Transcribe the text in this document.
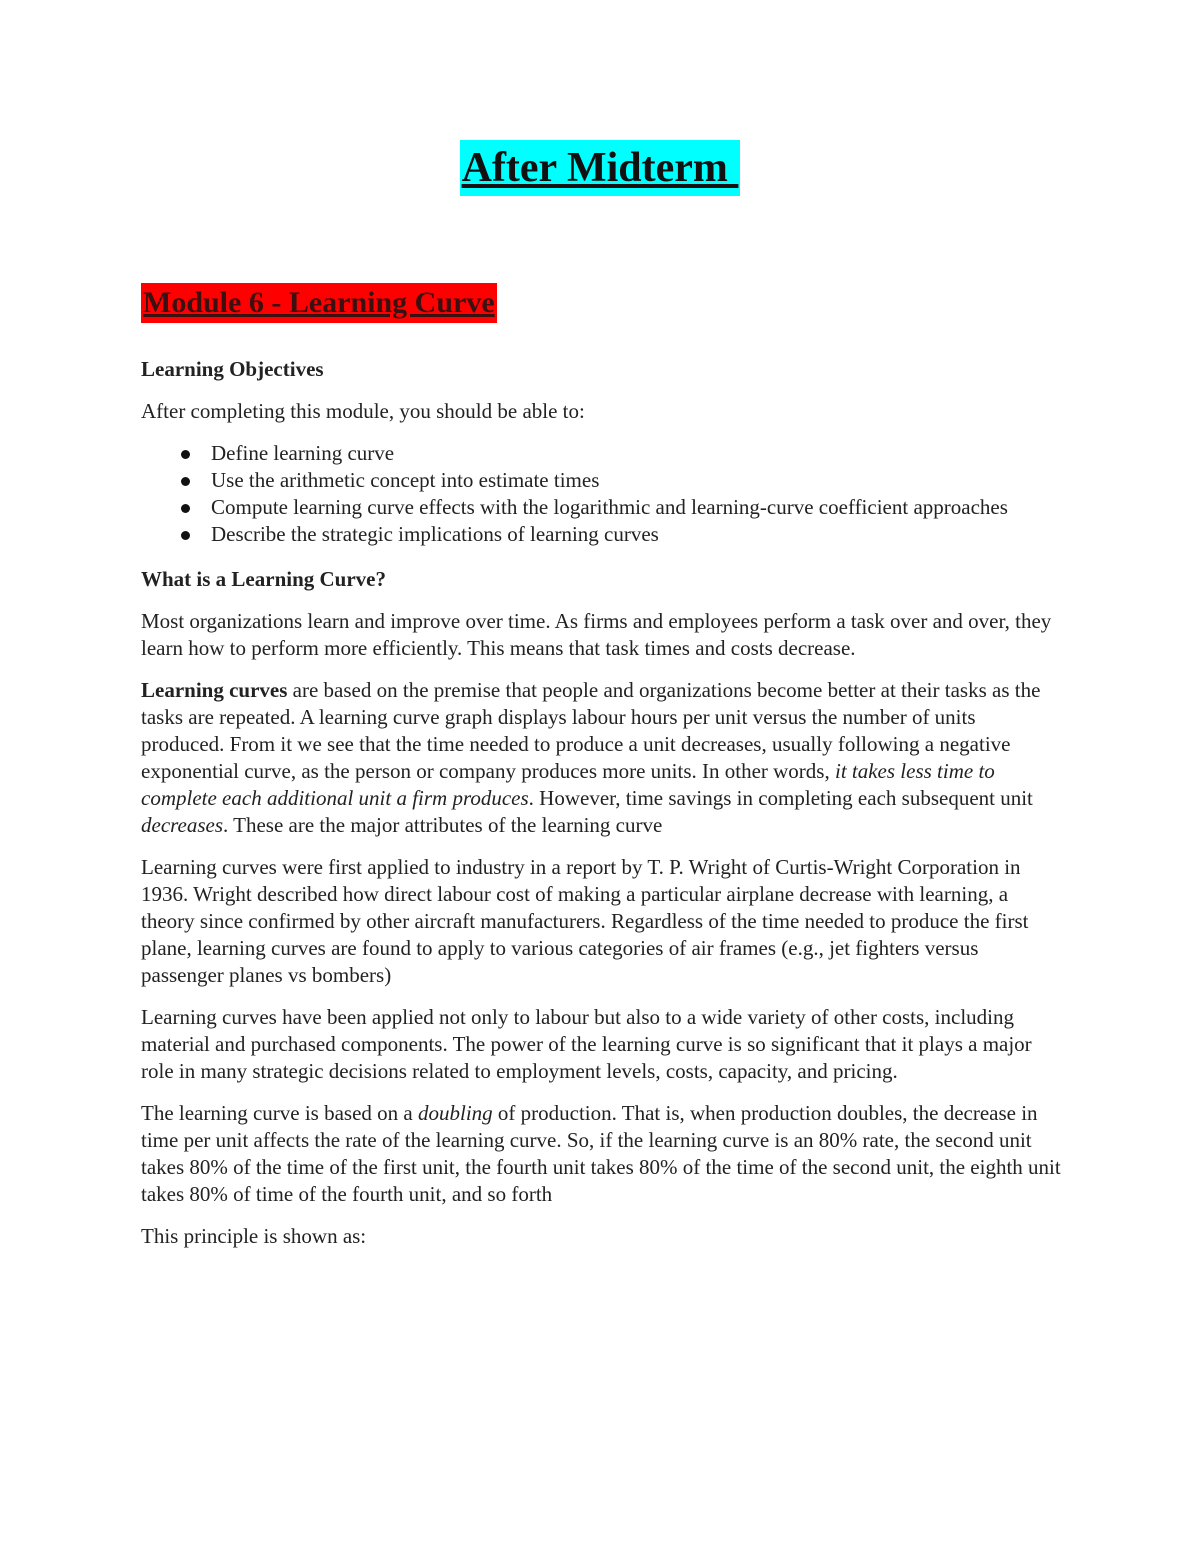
After Midterm
Module 6 - Learning Curve
Learning Objectives

After completing this module, you should be able to:

Define learning curve
Use the arithmetic concept into estimate times
Compute learning curve effects with the logarithmic and learning-curve coefficient approaches
Describe the strategic implications of learning curves
What is a Learning Curve?

Most organizations learn and improve over time. As firms and employees perform a task over and over, they learn how to perform more efficiently. This means that task times and costs decrease.

Learning curves are based on the premise that people and organizations become better at their tasks as the tasks are repeated. A learning curve graph displays labour hours per unit versus the number of units produced. From it we see that the time needed to produce a unit decreases, usually following a negative exponential curve, as the person or company produces more units. In other words, it takes less time to complete each additional unit a firm produces. However, time savings in completing each subsequent unit decreases. These are the major attributes of the learning curve

Learning curves were first applied to industry in a report by T. P. Wright of Curtis-Wright Corporation in 1936. Wright described how direct labour cost of making a particular airplane decrease with learning, a theory since confirmed by other aircraft manufacturers. Regardless of the time needed to produce the first plane, learning curves are found to apply to various categories of air frames (e.g., jet fighters versus passenger planes vs bombers)

Learning curves have been applied not only to labour but also to a wide variety of other costs, including material and purchased components. The power of the learning curve is so significant that it plays a major role in many strategic decisions related to employment levels, costs, capacity, and pricing.

The learning curve is based on a doubling of production. That is, when production doubles, the decrease in time per unit affects the rate of the learning curve. So, if the learning curve is an 80% rate, the second unit takes 80% of the time of the first unit, the fourth unit takes 80% of the time of the second unit, the eighth unit takes 80% of time of the fourth unit, and so forth

This principle is shown as:
